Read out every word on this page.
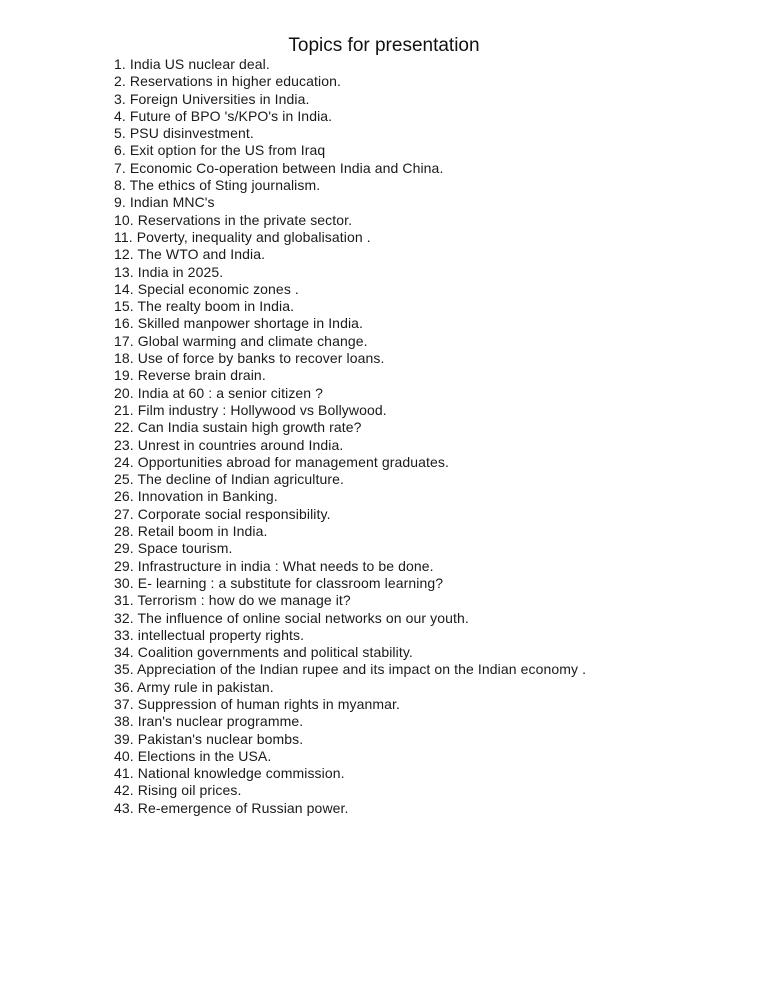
Topics for presentation
1. India US nuclear deal.
2. Reservations in higher education.
3. Foreign Universities in India.
4. Future of BPO 's/KPO's in India.
5. PSU disinvestment.
6. Exit option for the US from Iraq
7. Economic Co-operation between India and China.
8. The ethics of Sting journalism.
9. Indian MNC's
10. Reservations in the private sector.
11. Poverty, inequality and globalisation .
12. The WTO and India.
13. India in 2025.
14. Special economic zones .
15. The realty boom in India.
16. Skilled manpower shortage in India.
17. Global warming and climate change.
18. Use of force by banks to recover loans.
19. Reverse brain drain.
20. India at 60 : a senior citizen ?
21. Film industry : Hollywood vs Bollywood.
22. Can India sustain high growth rate?
23. Unrest in countries around India.
24. Opportunities abroad for management graduates.
25. The decline of Indian agriculture.
26. Innovation in Banking.
27. Corporate social responsibility.
28. Retail boom in India.
29. Space tourism.
29. Infrastructure in india : What needs to be done.
30. E- learning : a substitute for classroom learning?
31. Terrorism : how do we manage it?
32. The influence of online social networks on our youth.
33. intellectual property rights.
34. Coalition governments and political stability.
35. Appreciation of the Indian rupee and its impact on the Indian economy .
36. Army rule in pakistan.
37. Suppression of human rights in myanmar.
38. Iran's nuclear programme.
39. Pakistan's nuclear bombs.
40. Elections in the USA.
41. National knowledge commission.
42. Rising oil prices.
43. Re-emergence of Russian power.
